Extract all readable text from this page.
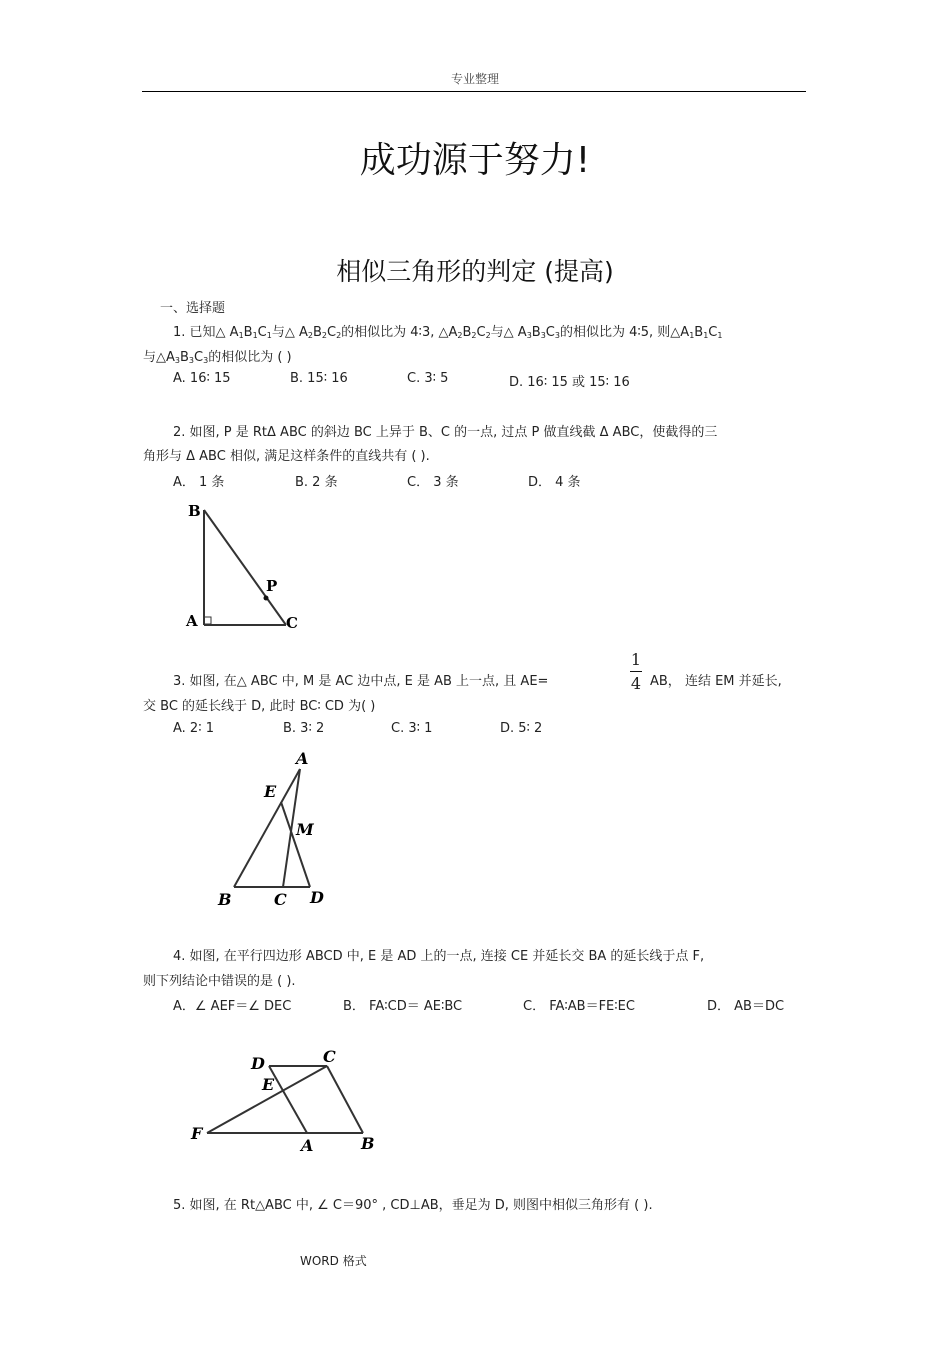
专业整理
成功源于努力!
相似三角形的判定 (提高)
一、选择题
1. 已知△ $A_1B_1C_1$与△ $A_2B_2C_2$的相似比为 4∶3, $\triangle A_2B_2C_2$与△ $A_3B_3C_3$的相似比为 4∶5, 则$\triangle A_1B_1C_1$
与$\triangle A_3B_3C_3$的相似比为 ( )
A. 16∶ 15	B. 15∶ 16	C. 3∶ 5	D. 16∶ 15 或 15∶ 16
2. 如图, P 是 RtΔ ABC 的斜边 BC 上异于 B、C 的一点, 过点 P 做直线截 Δ ABC，使截得的三
角形与 Δ ABC 相似, 满足这样条件的直线共有 ( ).
A． 1 条	B. 2 条	C． 3 条	D． 4 条
B
A	C
P
3. 如图, 在△ ABC 中, M 是 AC 边中点, E 是 AB 上一点, 且 AE=
1
4 AB， 连结 EM 并延长,
交 BC 的延长线于 D, 此时 BC∶ CD 为( )
A. 2∶ 1	B. 3∶ 2	C. 3∶ 1	D. 5∶ 2
A
E
M
B	C D
4. 如图, 在平行四边形 ABCD 中, E 是 AD 上的一点, 连接 CE 并延长交 BA 的延长线于点 F,
则下列结论中错误的是 ( ).
A．∠ AEF＝∠ DEC	B． FA∶CD＝ AE∶BC	C． FA∶AB＝FE∶EC	D． AB＝DC
D	C
E
F
A	B
5. 如图, 在 Rt△ABC 中, ∠ C＝90° , CD⊥AB，垂足为 D, 则图中相似三角形有 ( ).
WORD 格式
